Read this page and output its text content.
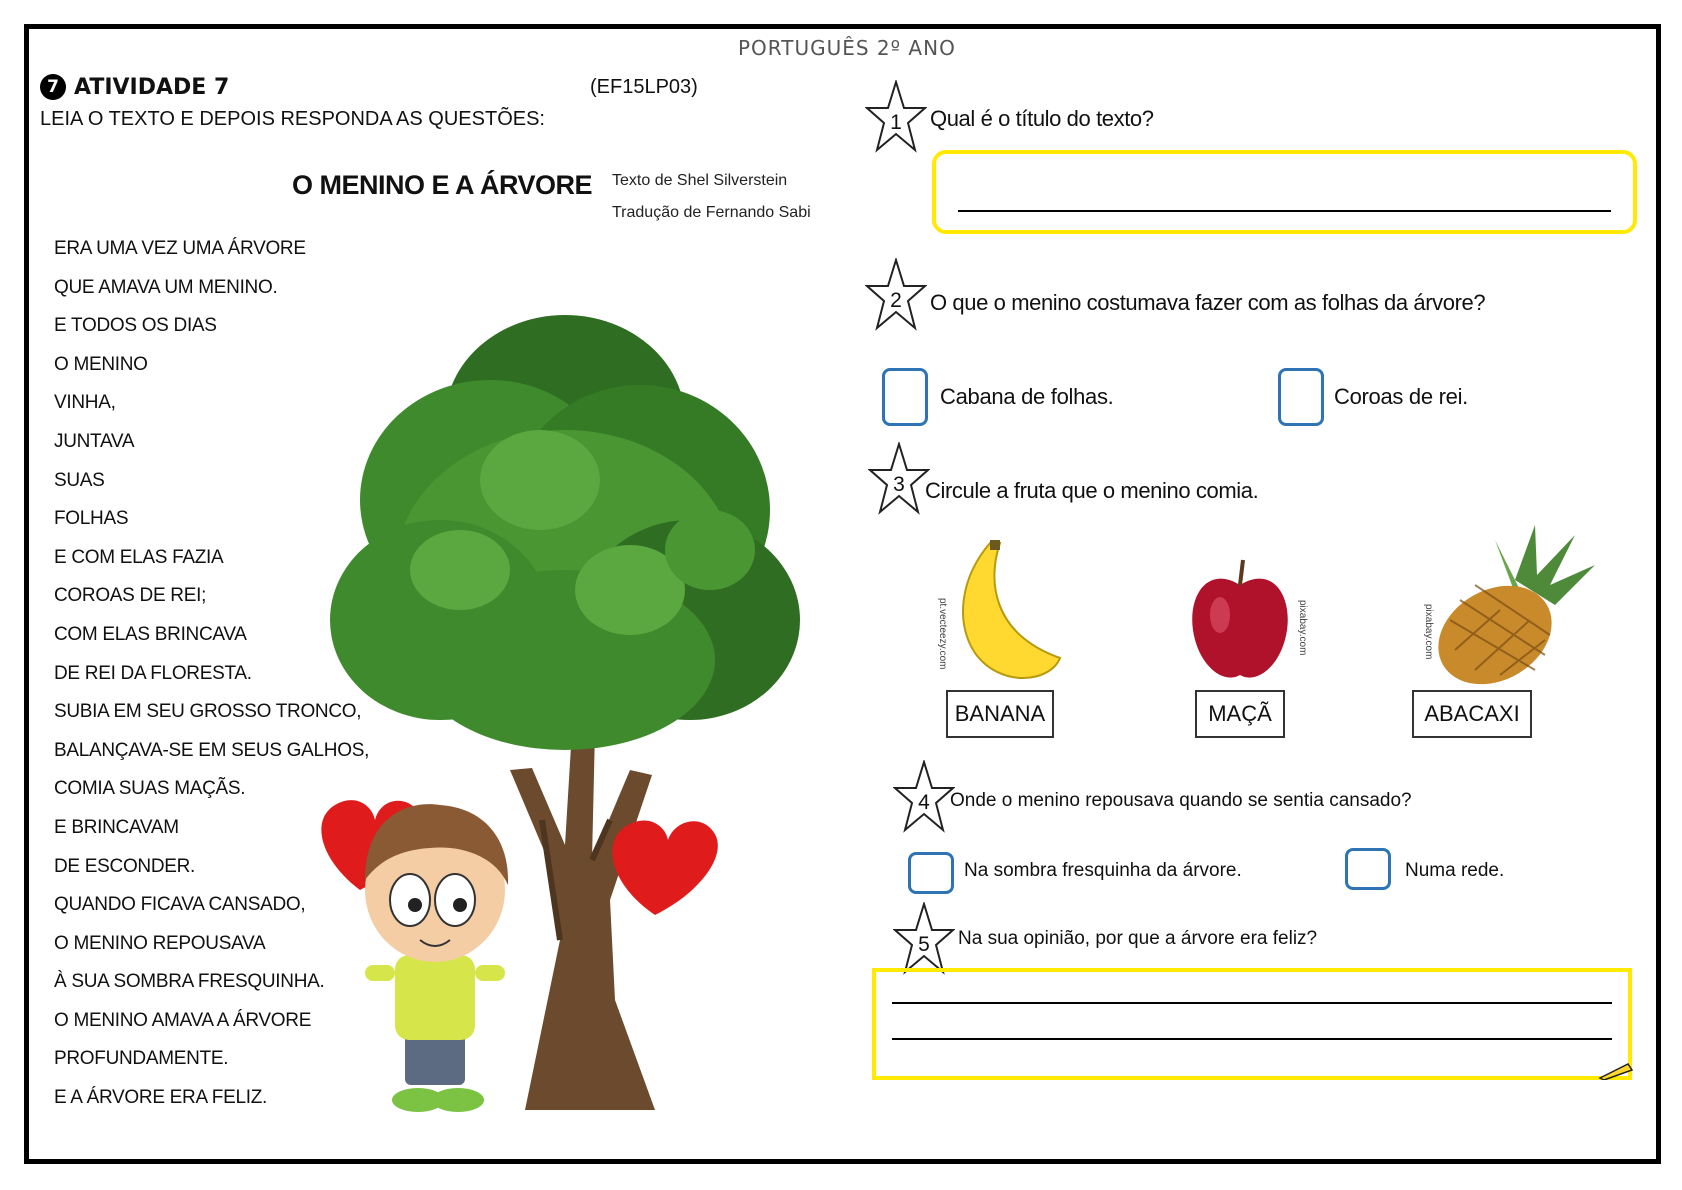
PORTUGUÊS 2º ANO
7 ATIVIDADE 7	(EF15LP03)
LEIA O TEXTO E DEPOIS RESPONDA AS QUESTÕES:
O MENINO E A ÁRVORE Texto de Shel Silverstein
Tradução de Fernando Sabi
ERA UMA VEZ UMA ÁRVORE
QUE AMAVA UM MENINO.
E TODOS OS DIAS
O MENINO
VINHA,
JUNTAVA
SUAS
FOLHAS
E COM ELAS FAZIA
COROAS DE REI;
COM ELAS BRINCAVA
DE REI DA FLORESTA.
SUBIA EM SEU GROSSO TRONCO,
BALANÇAVA-SE EM SEUS GALHOS,
COMIA SUAS MAÇÃS.
E BRINCAVAM
DE ESCONDER.
QUANDO FICAVA CANSADO,
O MENINO REPOUSAVA
À SUA SOMBRA FRESQUINHA.
O MENINO AMAVA A ÁRVORE
PROFUNDAMENTE.
E A ÁRVORE ERA FELIZ.
1	Qual é o título do texto?
2	O que o menino costumava fazer com as folhas da árvore?
Cabana de folhas.	Coroas de rei.
3 Circule a fruta que o menino comia.
pt.vecteezy.com
BANANA
pixabay.com
MAÇÃ
pixabay.com
ABACAXI
4	Onde o menino repousava quando se sentia cansado?
Na sombra fresquinha da árvore.	Numa rede.
5	Na sua opinião, por que a árvore era feliz?
